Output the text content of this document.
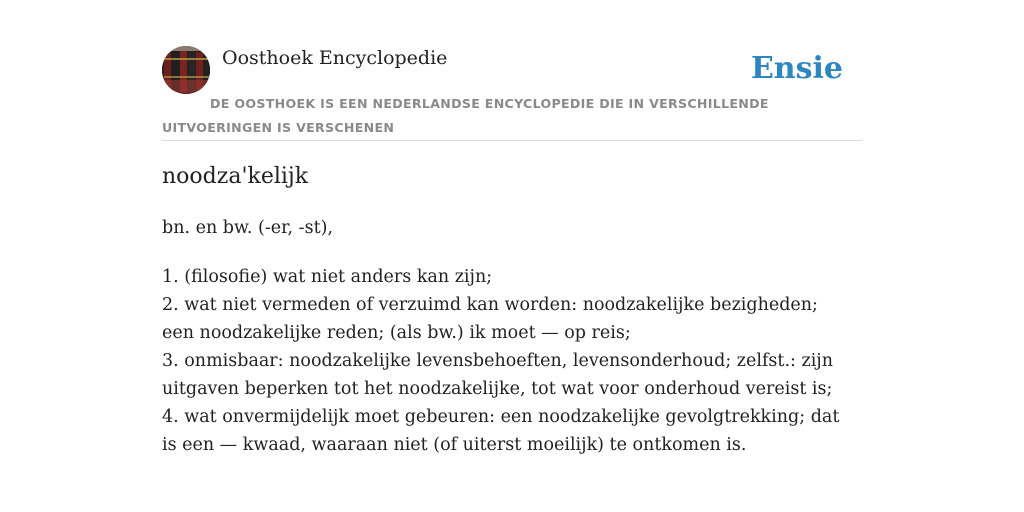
Oosthoek Encyclopedie	Ensie
DE OOSTHOEK IS EEN NEDERLANDSE ENCYCLOPEDIE DIE IN VERSCHILLENDE UITVOERINGEN IS VERSCHENEN
noodza'kelijk
bn. en bw. (-er, -st),
1. (filosofie) wat niet anders kan zijn;
2. wat niet vermeden of verzuimd kan worden: noodzakelijke bezigheden; een noodzakelijke reden; (als bw.) ik moet — op reis;
3. onmisbaar: noodzakelijke levensbehoeften, levensonderhoud; zelfst.: zijn uitgaven beperken tot het noodzakelijke, tot wat voor onderhoud vereist is;
4. wat onvermijdelijk moet gebeuren: een noodzakelijke gevolgtrekking; dat is een — kwaad, waaraan niet (of uiterst moeilijk) te ontkomen is.
